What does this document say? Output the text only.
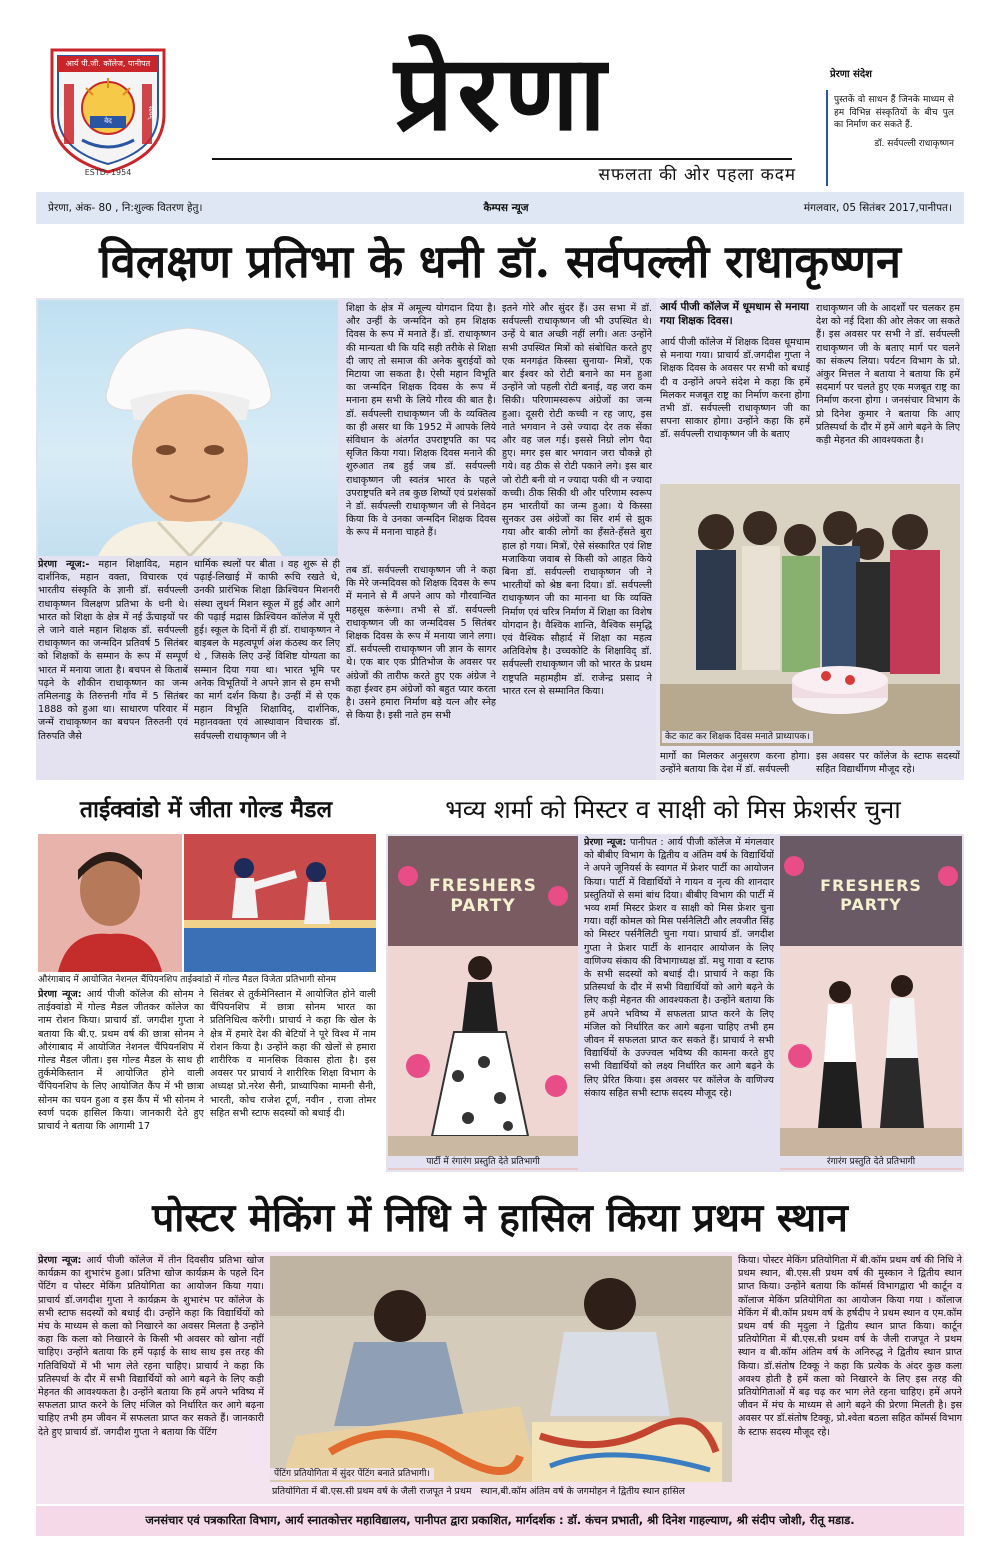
आर्य पी.जी. कॉलेज, पानीपत
परमात्मा	सत्यम्
वेद
ESTD. 1954
प्रेरणा
सफलता की ओर पहला कदम
प्रेरणा संदेश
पुस्तकें वो साधन हैं जिनके माध्यम से हम विभिन्न संस्कृतियों के बीच पुल का निर्माण कर सकते हैं.
डॉ. सर्वपल्ली राधाकृष्णन
प्रेरणा, अंक- 80 , नि:शुल्क वितरण हेतु।	कैम्पस न्यूज	मंगलवार, 05 सितंबर 2017,पानीपत।
विलक्षण प्रतिभा के धनी डॉ. सर्वपल्ली राधाकृष्णन

प्रेरणा न्यूज:- महान शिक्षाविद, महान दार्शनिक, महान वक्ता, विचारक एवं भारतीय संस्कृति के ज्ञानी डॉ. सर्वपल्ली राधाकृष्णन विलक्षण प्रतिभा के धनी थे। भारत को शिक्षा के क्षेत्र में नई ऊँचाइयों पर ले जाने वाले महान शिक्षक डॉ. सर्वपल्ली राधाकृष्णन का जन्मदिन प्रतिवर्ष 5 सितंबर को शिक्षकों के सम्मान के रूप में सम्पूर्ण भारत में मनाया जाता है। बचपन से किताबें पढ़ने के शौकीन राधाकृष्णन का जन्म तमिलनाडु के तिरुत्तनी गाँव में 5 सितंबर 1888 को हुआ था। साधारण परिवार में जन्में राधाकृष्णन का बचपन तिरुतनी एवं तिरुपति जैसे

धार्मिक स्थलों पर बीता । वह शुरू से ही पढ़ाई-लिखाई में काफी रूचि रखते थे, उनकी प्रारंभिक शिक्षा क्रिश्चियन मिशनरी संस्था लुथर्न मिशन स्कूल में हुई और आगे की पढ़ाई मद्रास क्रिश्चियन कॉलेज में पूरी हुई। स्कूल के दिनों में ही डॉ. राधाकृष्णन ने बाइबल के महत्वपूर्ण अंश कंठस्थ कर लिए थे , जिसके लिए उन्हें विशिष्ट योग्यता का सम्मान दिया गया था। भारत भूमि पर अनेक विभूतियों ने अपने ज्ञान से हम सभी का मार्ग दर्शन किया है। उन्हीं में से एक महान विभूति शिक्षाविद्, दार्शनिक, महानवक्ता एवं आस्थावान विचारक डॉ. सर्वपल्ली राधाकृष्णन जी ने

शिक्षा के क्षेत्र में अमूल्य योगदान दिया है। और उन्हीं के जन्मदिन को हम शिक्षक दिवस के रूप में मनाते हैं। डॉ. राधाकृष्णन की मान्यता थी कि यदि सही तरीके से शिक्षा दी जाए तो समाज की अनेक बुराईयों को मिटाया जा सकता है। ऐसी महान विभूति का जन्मदिन शिक्षक दिवस के रूप में मनाना हम सभी के लिये गौरव की बात है। डॉ. सर्वपल्ली राधाकृष्णन जी के व्यक्तित्व का ही असर था कि 1952 में आपके लिये संविधान के अंतर्गत उपराष्ट्रपति का पद सृजित किया गया। शिक्षक दिवस मनाने की शुरुआत तब हुई जब डॉ. सर्वपल्ली राधाकृष्णन जी स्वतंत्र भारत के पहले उपराष्ट्रपति बने तब कुछ शिष्यों एवं प्रशंसकों ने डॉ. सर्वपल्ली राधाकृष्णन जी से निवेदन किया कि वे उनका जन्मदिन शिक्षक दिवस के रूप में मनाना चाहते हैं।

तब डॉ. सर्वपल्ली राधाकृष्णन जी ने कहा कि मेरे जन्मदिवस को शिक्षक दिवस के रूप में मनाने से मैं अपने आप को गौरवान्वित महसूस करूंगा। तभी से डॉ. सर्वपल्ली राधाकृष्णन जी का जन्मदिवस 5 सितंबर शिक्षक दिवस के रूप में मनाया जाने लगा। डॉ. सर्वपल्ली राधाकृष्णन जी ज्ञान के सागर थे। एक बार एक प्रीतिभोज के अवसर पर अंग्रेजों की तारीफ करते हुए एक अंग्रेज ने कहा ईश्वर हम अंग्रेजों को बहुत प्यार करता है। उसने हमारा निर्माण बड़े यत्न और स्नेह से किया है। इसी नाते हम सभी

इतने गोरे और सुंदर हैं। उस सभा में डॉ. सर्वपल्ली राधाकृष्णन जी भी उपस्थित थे। उन्हें ये बात अच्छी नहीं लगी। अतः उन्होंने सभी उपस्थित मित्रों को संबोधित करते हुए एक मनगढ़ंत किस्सा सुनाया- मित्रों, एक बार ईश्वर को रोटी बनाने का मन हुआ उन्होंने जो पहली रोटी बनाई, वह जरा कम सिकी। परिणामस्वरूप अंग्रेजों का जन्म हुआ। दूसरी रोटी कच्ची न रह जाए, इस नाते भगवान ने उसे ज्यादा देर तक सेंका और वह जल गई। इससे निग्रो लोग पैदा हुए। मगर इस बार भगवान जरा चौकन्ने हो गये। वह ठीक से रोटी पकाने लगे। इस बार जो रोटी बनी वो न ज्यादा पकी थी न ज्यादा कच्ची। ठीक सिकी थी और परिणाम स्वरूप हम भारतीयों का जन्म हुआ। ये किस्सा सुनकर उस अंग्रेजों का सिर शर्म से झुक गया और बाकी लोगों का हँसते-हँसते बुरा हाल हो गया। मित्रों, ऐसे संस्कारित एवं शिष्ट मजाकिया जवाब से किसी को आहत किये बिना डॉ. सर्वपल्ली राधाकृष्णन जी ने भारतीयों को श्रेष्ठ बना दिया। डॉ. सर्वपल्ली राधाकृष्णन जी का मानना था कि व्यक्ति निर्माण एवं चरित्र निर्माण में शिक्षा का विशेष योगदान है। वैश्विक शान्ति, वैश्विक समृद्धि एवं वैश्विक सौहार्द में शिक्षा का महत्व अतिविशेष है। उच्चकोटि के शिक्षाविद् डॉ. सर्वपल्ली राधाकृष्णन जी को भारत के प्रथम राष्ट्रपति महामहीम डॉ. राजेन्द्र प्रसाद ने भारत रत्न से सम्मानित किया।

आर्य पीजी कॉलेज में धूमधाम से मनाया गया शिक्षक दिवस।

आर्य पीजी कॉलेज में शिक्षक दिवस धूमधाम से मनाया गया। प्राचार्य डॉ.जगदीश गुप्ता ने शिक्षक दिवस के अवसर पर सभी को बधाई दी व उन्होंने अपने संदेश मे कहा कि हमें मिलकर मजबूत राष्ट्र का निर्माण करना होगा तभी डॉ. सर्वपल्ली राधाकृष्णन जी का सपना साकार होगा। उन्होंने कहा कि हमें डॉ. सर्वपल्ली राधाकृष्णन जी के बताए

राधाकृष्णन जी के आदर्शों पर चलकर हम देश को नई दिशा की ओर लेकर जा सकते हैं। इस अवसर पर सभी ने डॉ. सर्वपल्ली राधाकृष्णन जी के बताए मार्ग पर चलने का संकल्प लिया। पर्यटन विभाग के प्रो. अंकुर मित्तल ने बताया ने बताया कि हमें सदमार्ग पर चलते हुए एक मजबूत राष्ट्र का निर्माण करना होगा । जनसंचार विभाग के प्रो दिनेश कुमार ने बताया कि आए प्रतिस्पर्धा के दौर में हमें आगे बढ़ने के लिए कड़ी मेहनत की आवश्यकता है।

केट काट कर शिक्षक दिवस मनाते प्राध्यापक।
मार्गो का मिलकर अनुसरण करना होगा। उन्होंने बताया कि देश में डॉ. सर्वपल्ली
इस अवसर पर कॉलेज के स्टाफ सदस्यों सहित विद्यार्थीगण मौजूद रहे।
ताईक्वांडो में जीता गोल्ड मैडल	भव्य शर्मा को मिस्टर व साक्षी को मिस फ्रेशर्सर चुना
औरंगाबाद में आयोजित नेशनल चैंपियनशिप ताईक्वांडो में गोल्ड मैडल विजेता प्रतिभागी सोनम

प्रेरणा न्यूज: आर्य पीजी कॉलेज की सोनम ने ताईक्वांडो में गोल्ड मैडल जीतकर कॉलेज का नाम रोशन किया। प्राचार्य डॉ. जगदीश गुप्ता ने बताया कि बी.ए. प्रथम वर्ष की छात्रा सोनम ने औरंगाबाद में आयोजित नेशनल चैंपियनशिप में गोल्ड मैडल जीता। इस गोल्ड मैडल के साथ ही तुर्कमेकिस्तान में आयोजित होने वाली चैंपियनशिप के लिए आयोजित कैंप में भी छात्रा सोनम का चयन हुआ व इस कैंप में भी सोनम ने स्वर्ण पदक हासिल किया। जानकारी देते हुए प्राचार्य ने बताया कि आगामी 17

सितंबर से तुर्कमेनिस्तान में आयोजित होने वाली चैंपियनशिप में छात्रा सोनम भारत का प्रतिनिधित्व करेंगी। प्राचार्य ने कहा कि खेल के क्षेत्र में हमारे देश की बेटियों ने पूरे विश्व में नाम रोशन किया है। उन्होंने कहा की खेलों से हमारा शारीरिक व मानसिक विकास होता है। इस अवसर पर प्राचार्य ने शारीरिक शिक्षा विभाग के अध्यक्ष प्रो.नरेश सैनी, प्राध्यापिका मामनी सैनी, भारती, कोच राजेश टूर्ण, नवीन , राजा तोमर सहित सभी स्टाफ सदस्यों को बधाई दी।

FRESHERS PARTY
पार्टी में रंगारंग प्रस्तुति देते प्रतिभागी

प्रेरणा न्यूज: पानीपत : आर्य पीजी कॉलेज में मंगलवार को बीबीए विभाग के द्वितीय व अंतिम वर्ष के विद्यार्थियों ने अपने जूनियर्स के स्वागत में फ्रेशर पार्टी का आयोजन किया। पार्टी में विद्यार्थियों ने गायन व नृत्य की शानदार प्रस्तुतियों से समां बांध दिया। बीबीए विभाग की पार्टी में भव्य शर्मा मिस्टर फ्रेशर व साक्षी को मिस फ्रेशर चुना गया। वहीं कोमल को मिस पर्सनैलिटी और लवजीत सिंह को मिस्टर पर्सनैलिटी चुना गया। प्राचार्य डॉ. जगदीश गुप्ता ने फ्रेशर पार्टी के शानदार आयोजन के लिए वाणिज्य संकाय की विभागाध्यक्ष डॉ. मधु गावा व स्टाफ के सभी सदस्यों को बधाई दी। प्राचार्य ने कहा कि प्रतिस्पर्धा के दौर में सभी विद्यार्थियों को आगे बढ़ने के लिए कड़ी मेहनत की आवश्यकता है। उन्होंने बताया कि हमें अपने भविष्य में सफलता प्राप्त करने के लिए मंजिल को निर्धारित कर आगे बढ़ना चाहिए तभी हम जीवन में सफलता प्राप्त कर सकते हैं। प्राचार्य ने सभी विद्यार्थियों के उज्ज्वल भविष्य की कामना करते हुए सभी विद्यार्थियों को लक्ष्य निर्धारित कर आगे बढ़ने के लिए प्रेरित किया। इस अवसर पर कॉलेज के वाणिज्य संकाय सहित सभी स्टाफ सदस्य मौजूद रहे।

FRESHERS PARTY
रंगारंग प्रस्तुति देते प्रतिभागी
पोस्टर मेकिंग में निधि ने हासिल किया प्रथम स्थान

प्रेरणा न्यूज: आर्य पीजी कॉलेज में तीन दिवसीय प्रतिभा खोज कार्यक्रम का शुभारंभ हुआ। प्रतिभा खोज कार्यक्रम के पहले दिन पेंटिंग व पोस्टर मेकिंग प्रतियोगिता का आयोजन किया गया। प्राचार्य डॉ.जगदीश गुप्ता ने कार्यक्रम के शुभारंभ पर कॉलेज के सभी स्टाफ सदस्यों को बधाई दी। उन्होंने कहा कि विद्यार्थियों को मंच के माध्यम से कला को निखारने का अवसर मिलता है उन्होंने कहा कि कला को निखारने के किसी भी अवसर को खोना नहीं चाहिए। उन्होंने बताया कि हमें पढ़ाई के साथ साथ इस तरह की गतिविधियों में भी भाग लेते रहना चाहिए। प्राचार्य ने कहा कि प्रतिस्पर्धा के दौर में सभी विद्यार्थियों को आगे बढ़ने के लिए कड़ी मेहनत की आवश्यकता है। उन्होंने बताया कि हमें अपने भविष्य में सफलता प्राप्त करने के लिए मंजिल को निर्धारित कर आगे बढ़ना चाहिए तभी हम जीवन में सफलता प्राप्त कर सकते हैं। जानकारी देते हुए प्राचार्य डॉ. जगदीश गुप्ता ने बताया कि पेंटिंग

पेंटिंग प्रतियोगिता में सुंदर पेंटिंग बनाते प्रतिभागी।
प्रतियोगिता में बी.एस.सी प्रथम वर्ष के जैली राजपूत ने प्रथम   स्थान,बी.कॉम अंतिम वर्ष के जगमोहन ने द्वितीय स्थान हासिल

किया। पोस्टर मेकिंग प्रतियोगिता में बी.कॉम प्रथम वर्ष की निधि ने प्रथम स्थान, बी.एस.सी प्रथम वर्ष की मुस्कान ने द्वितीय स्थान प्राप्त किया। उन्होंने बताया कि कॉमर्स विभागद्वारा भी कार्टून व कॉलाज मेकिंग प्रतियोगिता का आयोजन किया गया । कॉलाज मेकिंग में बी.कॉम प्रथम वर्ष के हर्षदीप ने प्रथम स्थान व एम.कॉम प्रथम वर्ष की मृदुला ने द्वितीय स्थान प्राप्त किया। कार्टून प्रतियोगिता में बी.एस.सी प्रथम वर्ष के जैली राजपूत ने प्रथम स्थान व बी.कॉम अंतिम वर्ष के अनिरुद्ध ने द्वितीय स्थान प्राप्त किया। डॉ.संतोष टिक्कू ने कहा कि प्रत्येक के अंदर कुछ कला अवश्य होती है हमें कला को निखारने के लिए इस तरह की प्रतियोगिताओं में बढ़ चढ़ कर भाग लेते रहना चाहिए। हमें अपने जीवन में मंच के माध्यम से आगे बढ़ने की प्रेरणा मिलती है। इस अवसर पर डॉ.संतोष टिक्कू, प्रो.श्वेता बठला सहित कॉमर्स विभाग के स्टाफ सदस्य मौजूद रहे।

जनसंचार एवं पत्रकारिता विभाग, आर्य स्नातकोत्तर महाविद्यालय, पानीपत द्वारा प्रकाशित, मार्गदर्शक : डॉ. कंचन प्रभाती, श्री दिनेश गाहल्याण, श्री संदीप जोशी, रीतू मडाड.
